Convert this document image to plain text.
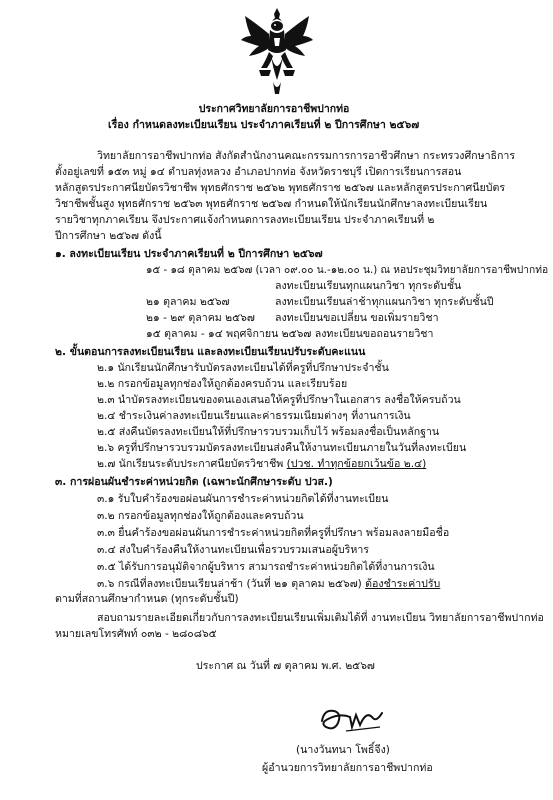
ประกาศวิทยาลัยการอาชีพปากท่อ
เรื่อง กำหนดลงทะเบียนเรียน ประจำภาคเรียนที่ ๒ ปีการศึกษา ๒๕๖๗
วิทยาลัยการอาชีพปากท่อ สังกัดสำนักงานคณะกรรมการการอาชีวศึกษา กระทรวงศึกษาธิการ
ตั้งอยู่เลขที่ ๑๕๓ หมู่ ๑๔ ตำบลทุ่งหลวง อำเภอปากท่อ จังหวัดราชบุรี เปิดการเรียนการสอน
หลักสูตรประกาศนียบัตรวิชาชีพ พุทธศักราช ๒๕๖๒ พุทธศักราช ๒๕๖๗ และหลักสูตรประกาศนียบัตร
วิชาชีพชั้นสูง พุทธศักราช ๒๕๖๓ พุทธศักราช ๒๕๖๗ กำหนดให้นักเรียนนักศึกษาลงทะเบียนเรียน
รายวิชาทุกภาคเรียน จึงประกาศแจ้งกำหนดการลงทะเบียนเรียน ประจำภาคเรียนที่ ๒
ปีการศึกษา ๒๕๖๗ ดังนี้
๑. ลงทะเบียนเรียน ประจำภาคเรียนที่ ๒ ปีการศึกษา ๒๕๖๗
๑๕ - ๑๘ ตุลาคม ๒๕๖๗ (เวลา ๐๙.๐๐ น.-๑๒.๐๐ น.) ณ หอประชุมวิทยาลัยการอาชีพปากท่อ
ลงทะเบียนเรียนทุกแผนกวิชา ทุกระดับชั้น
๒๑ ตุลาคม ๒๕๖๗	ลงทะเบียนเรียนล่าช้าทุกแผนกวิชา ทุกระดับชั้นปี
๒๑ - ๒๙ ตุลาคม ๒๕๖๗ ลงทะเบียนขอเปลี่ยน ขอเพิ่มรายวิชา
๑๕ ตุลาคม - ๑๔ พฤศจิกายน ๒๕๖๗ ลงทะเบียนขอถอนรายวิชา
๒. ขั้นตอนการลงทะเบียนเรียน และลงทะเบียนเรียนปรับระดับคะแนน
๒.๑ นักเรียนนักศึกษารับบัตรลงทะเบียนได้ที่ครูที่ปรึกษาประจำชั้น
๒.๒ กรอกข้อมูลทุกช่องให้ถูกต้องครบถ้วน และเรียบร้อย
๒.๓ นำบัตรลงทะเบียนของตนเองเสนอให้ครูที่ปรึกษาในเอกสาร ลงชื่อให้ครบถ้วน
๒.๔ ชำระเงินค่าลงทะเบียนเรียนและค่าธรรมเนียมต่างๆ ที่งานการเงิน
๒.๕ ส่งคืนบัตรลงทะเบียนให้ที่ปรึกษารวบรวมเก็บไว้ พร้อมลงชื่อเป็นหลักฐาน
๒.๖ ครูที่ปรึกษารวบรวมบัตรลงทะเบียนส่งคืนให้งานทะเบียนภายในวันที่ลงทะเบียน
๒.๗ นักเรียนระดับประกาศนียบัตรวิชาชีพ (ปวช. ทำทุกข้อยกเว้นข้อ ๒.๔)
๓. การผ่อนผันชำระค่าหน่วยกิต (เฉพาะนักศึกษาระดับ ปวส.)
๓.๑ รับใบคำร้องขอผ่อนผันการชำระค่าหน่วยกิตได้ที่งานทะเบียน
๓.๒ กรอกข้อมูลทุกช่องให้ถูกต้องและครบถ้วน
๓.๓ ยื่นคำร้องขอผ่อนผันการชำระค่าหน่วยกิตที่ครูที่ปรึกษา พร้อมลงลายมือชื่อ
๓.๔ ส่งใบคำร้องคืนให้งานทะเบียนเพื่อรวบรวมเสนอผู้บริหาร
๓.๕ ได้รับการอนุมัติจากผู้บริหาร สามารถชำระค่าหน่วยกิตได้ที่งานการเงิน
๓.๖ กรณีที่ลงทะเบียนเรียนล่าช้า (วันที่ ๒๑ ตุลาคม ๒๕๖๗) ต้องชำระค่าปรับ
ตามที่สถานศึกษากำหนด (ทุกระดับชั้นปี)
สอบถามรายละเอียดเกี่ยวกับการลงทะเบียนเรียนเพิ่มเติมได้ที่ งานทะเบียน วิทยาลัยการอาชีพปากท่อ
หมายเลขโทรศัพท์ ๐๓๒ - ๒๘๐๘๖๕
ประกาศ ณ วันที่ ๗ ตุลาคม พ.ศ. ๒๕๖๗
(นางวันทนา โพธิ์จีง)
ผู้อำนวยการวิทยาลัยการอาชีพปากท่อ
